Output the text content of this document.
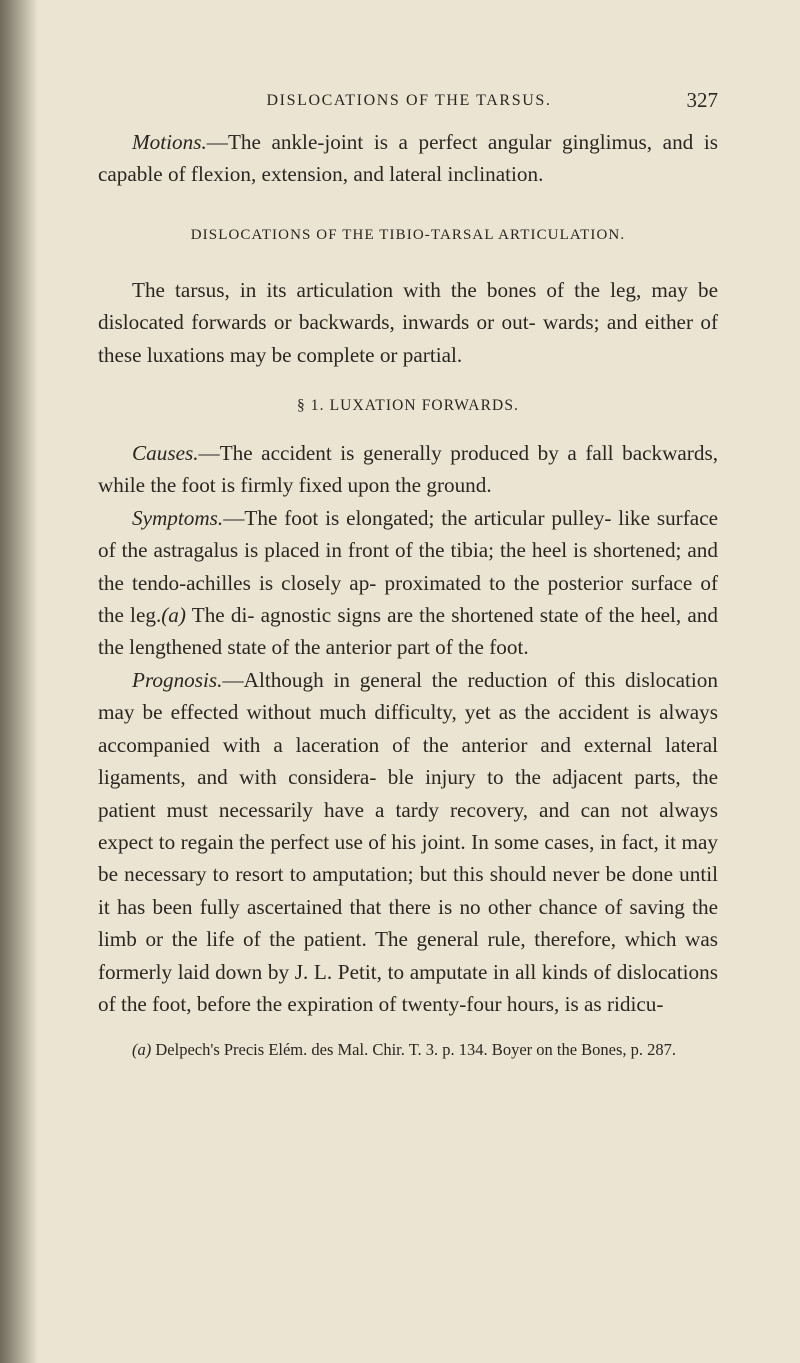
DISLOCATIONS OF THE TARSUS.	327

Motions.—The ankle-joint is a perfect angular ginglimus, and is capable of flexion, extension, and lateral inclination.

DISLOCATIONS OF THE TIBIO-TARSAL ARTICULATION.

The tarsus, in its articulation with the bones of the leg, may be dislocated forwards or backwards, inwards or out- wards; and either of these luxations may be complete or partial.

§ 1. LUXATION FORWARDS.

Causes.—The accident is generally produced by a fall backwards, while the foot is firmly fixed upon the ground.

Symptoms.—The foot is elongated; the articular pulley- like surface of the astragalus is placed in front of the tibia; the heel is shortened; and the tendo-achilles is closely ap- proximated to the posterior surface of the leg.(a) The di- agnostic signs are the shortened state of the heel, and the lengthened state of the anterior part of the foot.

Prognosis.—Although in general the reduction of this dislocation may be effected without much difficulty, yet as the accident is always accompanied with a laceration of the anterior and external lateral ligaments, and with considera- ble injury to the adjacent parts, the patient must necessarily have a tardy recovery, and can not always expect to regain the perfect use of his joint. In some cases, in fact, it may be necessary to resort to amputation; but this should never be done until it has been fully ascertained that there is no other chance of saving the limb or the life of the patient. The general rule, therefore, which was formerly laid down by J. L. Petit, to amputate in all kinds of dislocations of the foot, before the expiration of twenty-four hours, is as ridicu-

(a) Delpech's Precis Elém. des Mal. Chir. T. 3. p. 134. Boyer on the Bones, p. 287.
